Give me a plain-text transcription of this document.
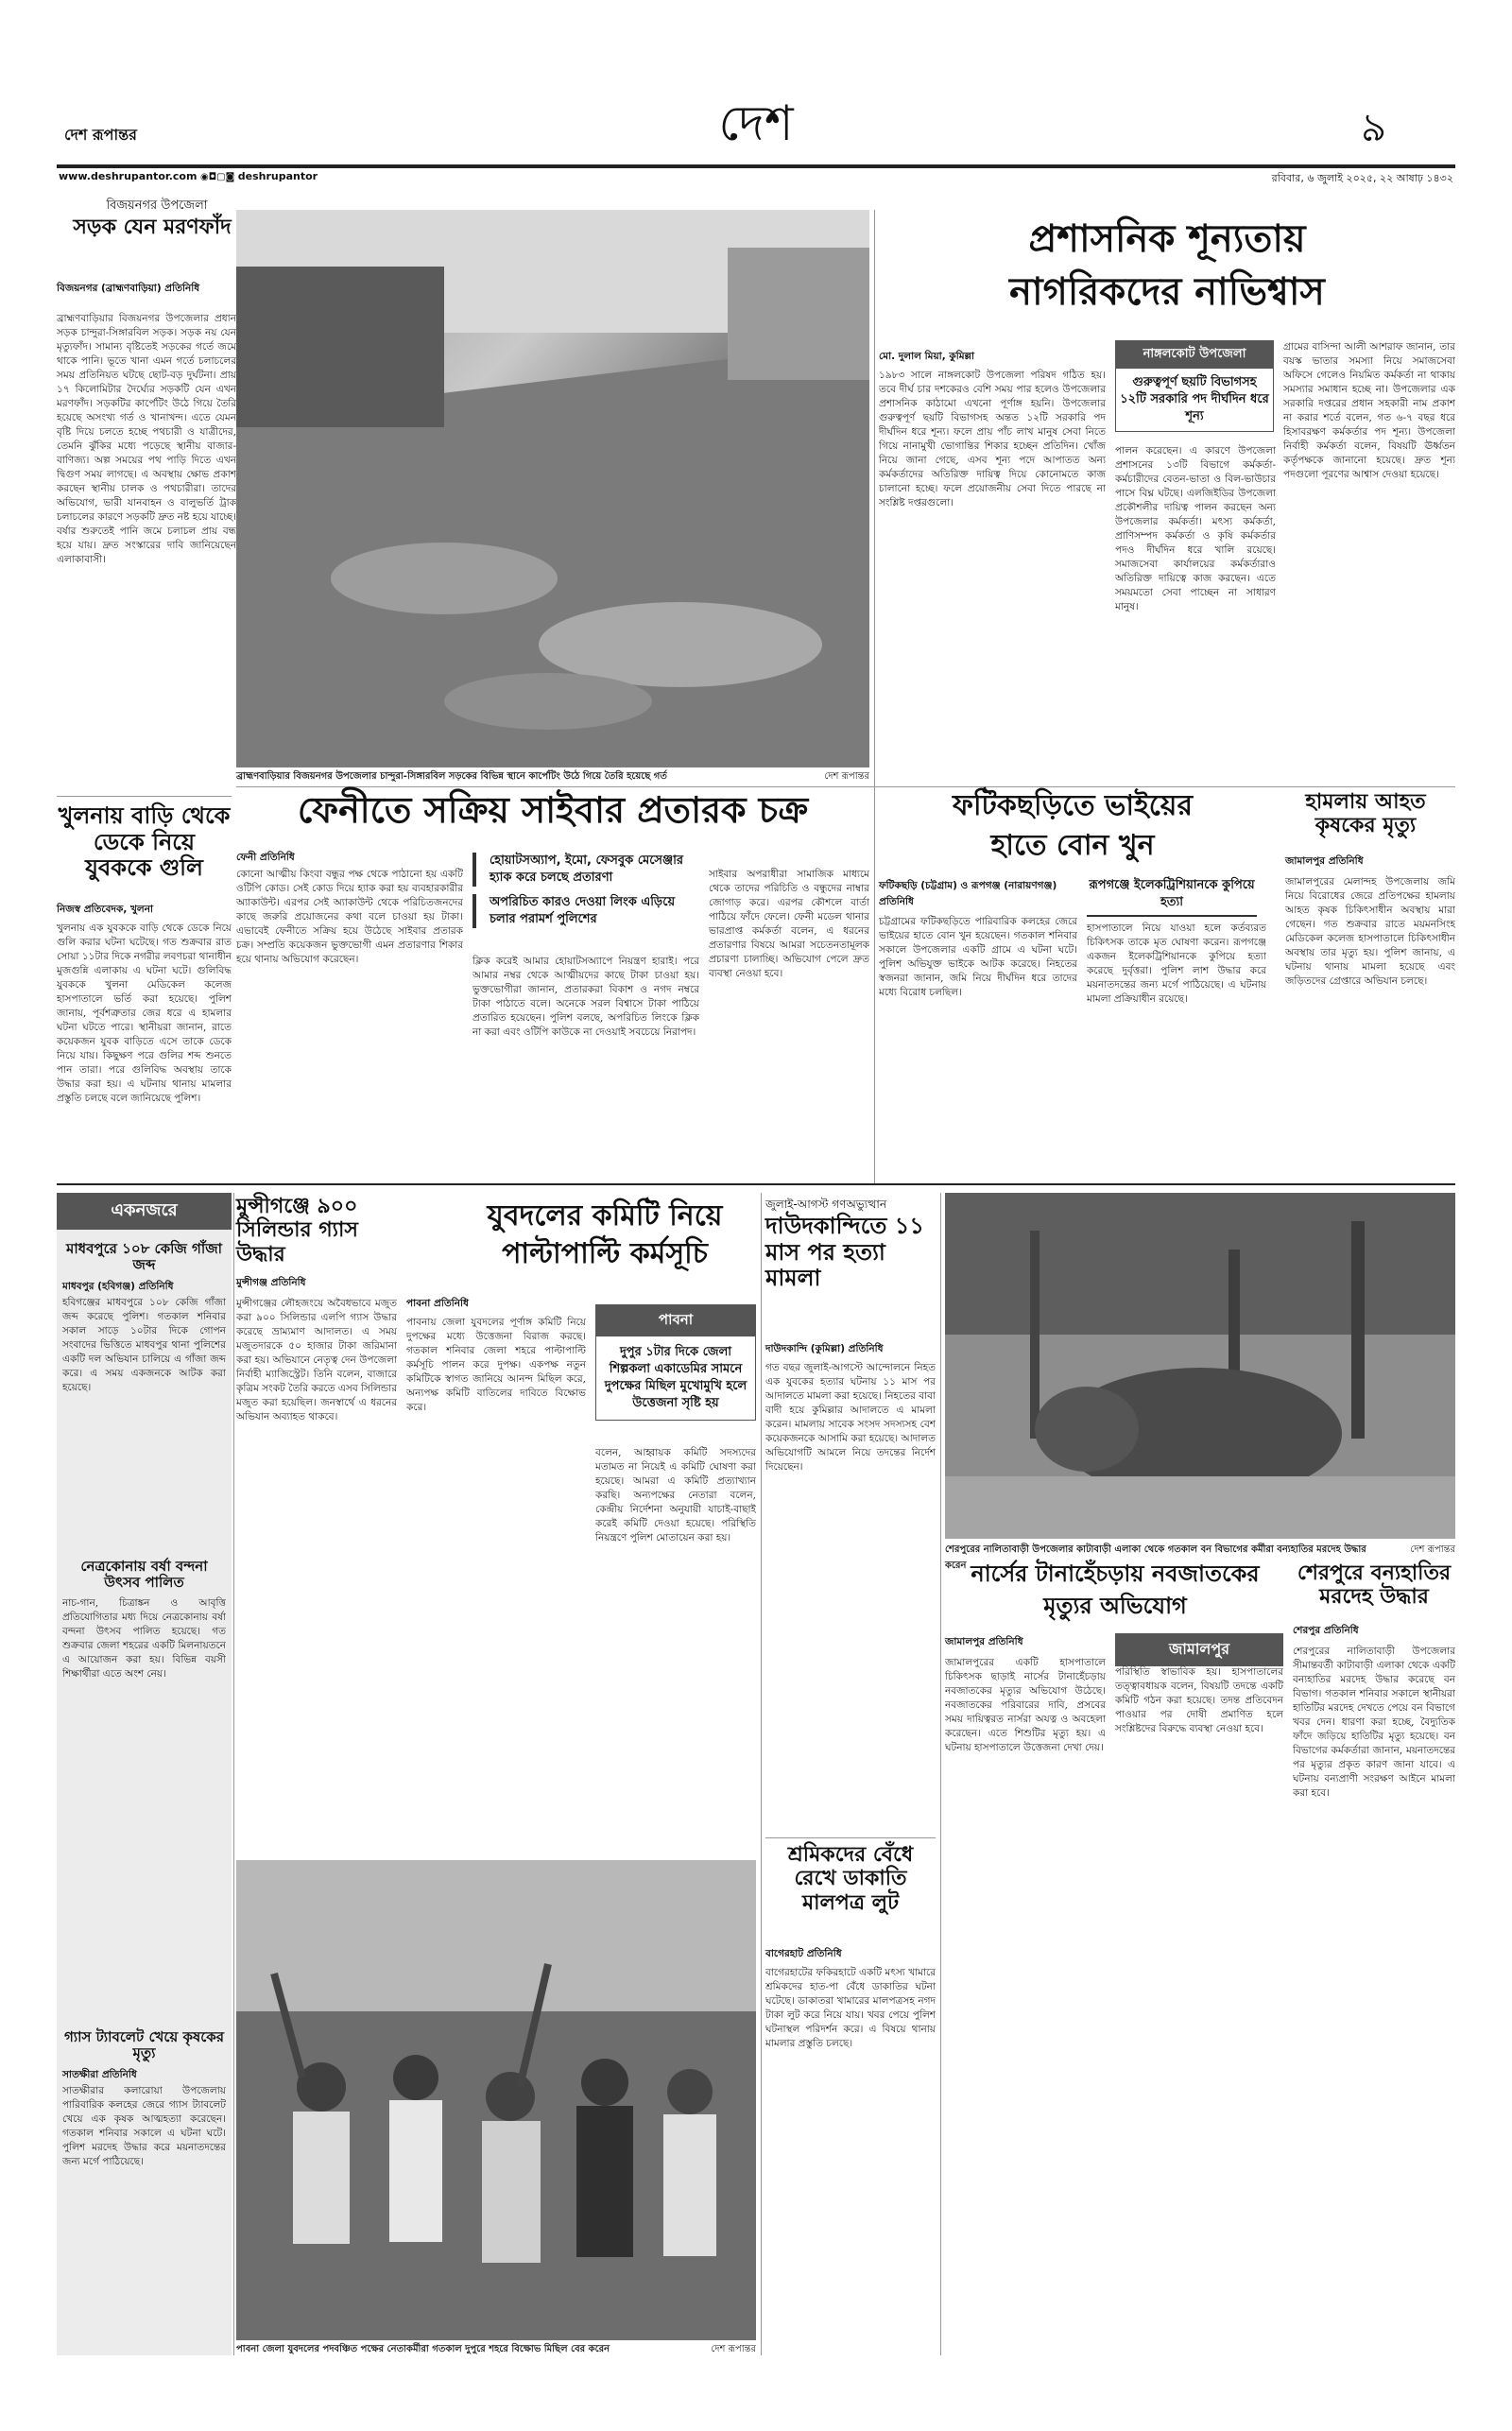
দেশ রূপান্তর	দেশ	৯
www.deshrupantor.com ◉◘▢◙ deshrupantor	রবিবার, ৬ জুলাই ২০২৫, ২২ আষাঢ় ১৪৩২
বিজয়নগর উপজেলা
সড়ক যেন মরণফাঁদ
বিজয়নগর (ব্রাহ্মণবাড়িয়া) প্রতিনিধি
ব্রাহ্মণবাড়িয়ার বিজয়নগর উপজেলার প্রধান সড়ক চান্দুরা-সিঙ্গারবিল সড়ক। সড়ক নয় যেন মৃত্যুফাঁদ। সামান্য বৃষ্টিতেই সড়কের গর্তে জমে থাকে পানি। ভূতে খানা এমন গর্তে চলাচলের সময় প্রতিনিয়ত ঘটছে ছোট-বড় দুর্ঘটনা। প্রায় ১৭ কিলোমিটার দৈর্ঘ্যের সড়কটি যেন এখন মরণফাঁদ। সড়কটির কার্পেটিং উঠে গিয়ে তৈরি হয়েছে অসংখ্য গর্ত ও খানাখন্দ। এতে যেমন বৃষ্টি দিয়ে চলতে হচ্ছে পথচারী ও যাত্রীদের, তেমনি ঝুঁকির মধ্যে পড়েছে স্থানীয় বাজার-বাণিজ্য। অল্প সময়ের পথ পাড়ি দিতে এখন দ্বিগুণ সময় লাগছে। এ অবস্থায় ক্ষোভ প্রকাশ করছেন স্থানীয় চালক ও পথচারীরা। তাদের অভিযোগ, ভারী যানবাহন ও বালুভর্তি ট্রাক চলাচলের কারণে সড়কটি দ্রুত নষ্ট হয়ে যাচ্ছে। বর্ষার শুরুতেই পানি জমে চলাচল প্রায় বন্ধ হয়ে যায়। দ্রুত সংস্কারের দাবি জানিয়েছেন এলাকাবাসী।
ব্রাহ্মণবাড়িয়ার বিজয়নগর উপজেলার চান্দুরা-সিঙ্গারবিল সড়কের বিভিন্ন স্থানে কার্পেটিং উঠে গিয়ে তৈরি হয়েছে গর্ত	দেশ রূপান্তর
প্রশাসনিক শূন্যতায়
নাগরিকদের নাভিশ্বাস
মো. দুলাল মিয়া, কুমিল্লা	নাঙ্গলকোট উপজেলা
গুরুত্বপূর্ণ ছয়টি বিভাগসহ ১২টি সরকারি পদ দীর্ঘদিন ধরে শূন্য
১৯৮৩ সালে নাঙ্গলকোট উপজেলা পরিষদ গঠিত হয়। তবে দীর্ঘ চার দশকেরও বেশি সময় পার হলেও উপজেলার প্রশাসনিক কাঠামো এখনো পূর্ণাঙ্গ হয়নি। উপজেলার গুরুত্বপূর্ণ ছয়টি বিভাগসহ অন্তত ১২টি সরকারি পদ দীর্ঘদিন ধরে শূন্য। ফলে প্রায় পাঁচ লাখ মানুষ সেবা নিতে গিয়ে নানামুখী ভোগান্তির শিকার হচ্ছেন প্রতিদিন। খোঁজ নিয়ে জানা গেছে, এসব শূন্য পদে আপাতত অন্য কর্মকর্তাদের অতিরিক্ত দায়িত্ব দিয়ে কোনোমতে কাজ চালানো হচ্ছে। ফলে প্রয়োজনীয় সেবা দিতে পারছে না সংশ্লিষ্ট দপ্তরগুলো।
পালন করেছেন। এ কারণে উপজেলা প্রশাসনের ১৩টি বিভাগে কর্মকর্তা-কর্মচারীদের বেতন-ভাতা ও বিল-ভাউচার পাসে বিঘ্ন ঘটছে। এলজিইডির উপজেলা প্রকৌশলীর দায়িত্ব পালন করছেন অন্য উপজেলার কর্মকর্তা। মৎস্য কর্মকর্তা, প্রাণিসম্পদ কর্মকর্তা ও কৃষি কর্মকর্তার পদও দীর্ঘদিন ধরে খালি রয়েছে। সমাজসেবা কার্যালয়ের কর্মকর্তারাও অতিরিক্ত দায়িত্বে কাজ করছেন। এতে সময়মতো সেবা পাচ্ছেন না সাধারণ মানুষ।
গ্রামের বাসিন্দা আলী আশরাফ জানান, তার বয়স্ক ভাতার সমস্যা নিয়ে সমাজসেবা অফিসে গেলেও নিয়মিত কর্মকর্তা না থাকায় সমস্যার সমাধান হচ্ছে না। উপজেলার এক সরকারি দপ্তরের প্রধান সহকারী নাম প্রকাশ না করার শর্তে বলেন, গত ৬-৭ বছর ধরে হিসাবরক্ষণ কর্মকর্তার পদ শূন্য। উপজেলা নির্বাহী কর্মকর্তা বলেন, বিষয়টি ঊর্ধ্বতন কর্তৃপক্ষকে জানানো হয়েছে। দ্রুত শূন্য পদগুলো পূরণের আশ্বাস দেওয়া হয়েছে।
ফেনীতে সক্রিয় সাইবার প্রতারক চক্র
ফেনী প্রতিনিধি	হোয়াটসঅ্যাপ, ইমো, ফেসবুক মেসেঞ্জার হ্যাক করে চলছে প্রতারণা
অপরিচিত কারও দেওয়া লিংক এড়িয়ে চলার পরামর্শ পুলিশের
কোনো আত্মীয় কিংবা বন্ধুর পক্ষ থেকে পাঠানো হয় একটি ওটিপি কোড। সেই কোড দিয়ে হ্যাক করা হয় ব্যবহারকারীর অ্যাকাউন্ট। এরপর সেই অ্যাকাউন্ট থেকে পরিচিতজনদের কাছে জরুরি প্রয়োজনের কথা বলে চাওয়া হয় টাকা। এভাবেই ফেনীতে সক্রিয় হয়ে উঠেছে সাইবার প্রতারক চক্র। সম্প্রতি কয়েকজন ভুক্তভোগী এমন প্রতারণার শিকার হয়ে থানায় অভিযোগ করেছেন।	ক্লিক করেই আমার হোয়াটসঅ্যাপে নিয়ন্ত্রণ হারাই। পরে আমার নম্বর থেকে আত্মীয়দের কাছে টাকা চাওয়া হয়। ভুক্তভোগীরা জানান, প্রতারকরা বিকাশ ও নগদ নম্বরে টাকা পাঠাতে বলে। অনেকে সরল বিশ্বাসে টাকা পাঠিয়ে প্রতারিত হয়েছেন। পুলিশ বলছে, অপরিচিত লিংকে ক্লিক না করা এবং ওটিপি কাউকে না দেওয়াই সবচেয়ে নিরাপদ।
সাইবার অপরাধীরা সামাজিক মাধ্যমে থেকে তাদের পরিচিতি ও বন্ধুদের নাম্বার জোগাড় করে। এরপর কৌশলে বার্তা পাঠিয়ে ফাঁদে ফেলে। ফেনী মডেল থানার ভারপ্রাপ্ত কর্মকর্তা বলেন, এ ধরনের প্রতারণার বিষয়ে আমরা সচেতনতামূলক প্রচারণা চালাচ্ছি। অভিযোগ পেলে দ্রুত ব্যবস্থা নেওয়া হবে।
খুলনায় বাড়ি থেকে ডেকে নিয়ে যুবককে গুলি
নিজস্ব প্রতিবেদক, খুলনা
খুলনায় এক যুবককে বাড়ি থেকে ডেকে নিয়ে গুলি করার ঘটনা ঘটেছে। গত শুক্রবার রাত সোয়া ১১টার দিকে নগরীর লবণচরা থানাধীন মুজগুন্নি এলাকায় এ ঘটনা ঘটে। গুলিবিদ্ধ যুবককে খুলনা মেডিকেল কলেজ হাসপাতালে ভর্তি করা হয়েছে। পুলিশ জানায়, পূর্বশত্রুতার জের ধরে এ হামলার ঘটনা ঘটতে পারে। স্থানীয়রা জানান, রাতে কয়েকজন যুবক বাড়িতে এসে তাকে ডেকে নিয়ে যায়। কিছুক্ষণ পরে গুলির শব্দ শুনতে পান তারা। পরে গুলিবিদ্ধ অবস্থায় তাকে উদ্ধার করা হয়। এ ঘটনায় থানায় মামলার প্রস্তুতি চলছে বলে জানিয়েছে পুলিশ।
ফটিকছড়িতে ভাইয়ের
হাতে বোন খুন
ফটিকছড়ি (চট্টগ্রাম) ও রূপগঞ্জ (নারায়ণগঞ্জ) প্রতিনিধি
রূপগঞ্জে ইলেকট্রিশিয়ানকে কুপিয়ে হত্যা
চট্টগ্রামের ফটিকছড়িতে পারিবারিক কলহের জেরে ভাইয়ের হাতে বোন খুন হয়েছেন। গতকাল শনিবার সকালে উপজেলার একটি গ্রামে এ ঘটনা ঘটে। পুলিশ অভিযুক্ত ভাইকে আটক করেছে। নিহতের স্বজনরা জানান, জমি নিয়ে দীর্ঘদিন ধরে তাদের মধ্যে বিরোধ চলছিল।
হাসপাতালে নিয়ে যাওয়া হলে কর্তব্যরত চিকিৎসক তাকে মৃত ঘোষণা করেন। রূপগঞ্জে একজন ইলেকট্রিশিয়ানকে কুপিয়ে হত্যা করেছে দুর্বৃত্তরা। পুলিশ লাশ উদ্ধার করে ময়নাতদন্তের জন্য মর্গে পাঠিয়েছে। এ ঘটনায় মামলা প্রক্রিয়াধীন রয়েছে।
হামলায় আহত কৃষকের মৃত্যু
জামালপুর প্রতিনিধি
জামালপুরের মেলান্দহ উপজেলায় জমি নিয়ে বিরোধের জেরে প্রতিপক্ষের হামলায় আহত কৃষক চিকিৎসাধীন অবস্থায় মারা গেছেন। গত শুক্রবার রাতে ময়মনসিংহ মেডিকেল কলেজ হাসপাতালে চিকিৎসাধীন অবস্থায় তার মৃত্যু হয়। পুলিশ জানায়, এ ঘটনায় থানায় মামলা হয়েছে এবং জড়িতদের গ্রেপ্তারে অভিযান চলছে।
একনজরে
মাধবপুরে ১০৮ কেজি গাঁজা জব্দ
মাধবপুর (হবিগঞ্জ) প্রতিনিধি
হবিগঞ্জের মাধবপুরে ১০৮ কেজি গাঁজা জব্দ করেছে পুলিশ। গতকাল শনিবার সকাল সাড়ে ১০টার দিকে গোপন সংবাদের ভিত্তিতে মাধবপুর থানা পুলিশের একটি দল অভিযান চালিয়ে এ গাঁজা জব্দ করে। এ সময় একজনকে আটক করা হয়েছে।
নেত্রকোনায় বর্ষা বন্দনা উৎসব পালিত
নাচ-গান, চিত্রাঙ্কন ও আবৃত্তি প্রতিযোগিতার মধ্য দিয়ে নেত্রকোনায় বর্ষা বন্দনা উৎসব পালিত হয়েছে। গত শুক্রবার জেলা শহরের একটি মিলনায়তনে এ আয়োজন করা হয়। বিভিন্ন বয়সী শিক্ষার্থীরা এতে অংশ নেয়।
গ্যাস ট্যাবলেট খেয়ে কৃষকের মৃত্যু
সাতক্ষীরা প্রতিনিধি
সাতক্ষীরার কলারোয়া উপজেলায় পারিবারিক কলহের জেরে গ্যাস ট্যাবলেট খেয়ে এক কৃষক আত্মহত্যা করেছেন। গতকাল শনিবার সকালে এ ঘটনা ঘটে। পুলিশ মরদেহ উদ্ধার করে ময়নাতদন্তের জন্য মর্গে পাঠিয়েছে।
মুন্সীগঞ্জে ৯০০ সিলিন্ডার গ্যাস উদ্ধার
মুন্সীগঞ্জ প্রতিনিধি
মুন্সীগঞ্জের লৌহজংয়ে অবৈধভাবে মজুত করা ৯০০ সিলিন্ডার এলপি গ্যাস উদ্ধার করেছে ভ্রাম্যমাণ আদালত। এ সময় মজুতদারকে ৫০ হাজার টাকা জরিমানা করা হয়। অভিযানে নেতৃত্ব দেন উপজেলা নির্বাহী ম্যাজিস্ট্রেট। তিনি বলেন, বাজারে কৃত্রিম সংকট তৈরি করতে এসব সিলিন্ডার মজুত করা হয়েছিল। জনস্বার্থে এ ধরনের অভিযান অব্যাহত থাকবে।
যুবদলের কমিটি নিয়ে
পাল্টাপাল্টি কর্মসূচি
পাবনা প্রতিনিধি
পাবনায় জেলা যুবদলের পূর্ণাঙ্গ কমিটি নিয়ে দুপক্ষের মধ্যে উত্তেজনা বিরাজ করছে। গতকাল শনিবার জেলা শহরে পাল্টাপাল্টি কর্মসূচি পালন করে দুপক্ষ। একপক্ষ নতুন কমিটিকে স্বাগত জানিয়ে আনন্দ মিছিল করে, অন্যপক্ষ কমিটি বাতিলের দাবিতে বিক্ষোভ করে।
পাবনা
দুপুর ১টার দিকে জেলা শিল্পকলা একাডেমির সামনে দুপক্ষের মিছিল মুখোমুখি হলে উত্তেজনা সৃষ্টি হয়
বলেন, আহ্বায়ক কমিটি সদস্যদের মতামত না নিয়েই এ কমিটি ঘোষণা করা হয়েছে। আমরা এ কমিটি প্রত্যাখ্যান করছি। অন্যপক্ষের নেতারা বলেন, কেন্দ্রীয় নির্দেশনা অনুযায়ী যাচাই-বাছাই করেই কমিটি দেওয়া হয়েছে। পরিস্থিতি নিয়ন্ত্রণে পুলিশ মোতায়েন করা হয়।
পাবনা জেলা যুবদলের পদবঞ্চিত পক্ষের নেতাকর্মীরা গতকাল দুপুরে শহরে বিক্ষোভ মিছিল বের করেন	দেশ রূপান্তর
জুলাই-আগস্ট গণঅভ্যুত্থান
দাউদকান্দিতে ১১ মাস পর হত্যা মামলা
দাউদকান্দি (কুমিল্লা) প্রতিনিধি
গত বছর জুলাই-আগস্টে আন্দোলনে নিহত এক যুবকের হত্যার ঘটনায় ১১ মাস পর আদালতে মামলা করা হয়েছে। নিহতের বাবা বাদী হয়ে কুমিল্লার আদালতে এ মামলা করেন। মামলায় সাবেক সংসদ সদস্যসহ বেশ কয়েকজনকে আসামি করা হয়েছে। আদালত অভিযোগটি আমলে নিয়ে তদন্তের নির্দেশ দিয়েছেন।
শ্রমিকদের বেঁধে রেখে ডাকাতি মালপত্র লুট
বাগেরহাট প্রতিনিধি
বাগেরহাটের ফকিরহাটে একটি মৎস্য খামারে শ্রমিকদের হাত-পা বেঁধে ডাকাতির ঘটনা ঘটেছে। ডাকাতরা খামারের মালপত্রসহ নগদ টাকা লুট করে নিয়ে যায়। খবর পেয়ে পুলিশ ঘটনাস্থল পরিদর্শন করে। এ বিষয়ে থানায় মামলার প্রস্তুতি চলছে।
শেরপুরের নালিতাবাড়ী উপজেলার কাটাবাড়ী এলাকা থেকে গতকাল বন বিভাগের কর্মীরা বন্যহাতির মরদেহ উদ্ধার করেন
দেশ রূপান্তর
নার্সের টানাহেঁচড়ায় নবজাতকের
মৃত্যুর অভিযোগ
জামালপুর প্রতিনিধি	জামালপুর
জামালপুরের একটি হাসপাতালে চিকিৎসক ছাড়াই নার্সের টানাহেঁচড়ায় নবজাতকের মৃত্যুর অভিযোগ উঠেছে। নবজাতকের পরিবারের দাবি, প্রসবের সময় দায়িত্বরত নার্সরা অযত্ন ও অবহেলা করেছেন। এতে শিশুটির মৃত্যু হয়। এ ঘটনায় হাসপাতালে উত্তেজনা দেখা দেয়।
পরিস্থিতি স্বাভাবিক হয়। হাসপাতালের তত্ত্বাবধায়ক বলেন, বিষয়টি তদন্তে একটি কমিটি গঠন করা হয়েছে। তদন্ত প্রতিবেদন পাওয়ার পর দোষী প্রমাণিত হলে সংশ্লিষ্টদের বিরুদ্ধে ব্যবস্থা নেওয়া হবে।
শেরপুরে বন্যহাতির মরদেহ উদ্ধার
শেরপুর প্রতিনিধি
শেরপুরের নালিতাবাড়ী উপজেলার সীমান্তবর্তী কাটাবাড়ী এলাকা থেকে একটি বন্যহাতির মরদেহ উদ্ধার করেছে বন বিভাগ। গতকাল শনিবার সকালে স্থানীয়রা হাতিটির মরদেহ দেখতে পেয়ে বন বিভাগে খবর দেন। ধারণা করা হচ্ছে, বৈদ্যুতিক ফাঁদে জড়িয়ে হাতিটির মৃত্যু হয়েছে। বন বিভাগের কর্মকর্তারা জানান, ময়নাতদন্তের পর মৃত্যুর প্রকৃত কারণ জানা যাবে। এ ঘটনায় বন্যপ্রাণী সংরক্ষণ আইনে মামলা করা হবে।
